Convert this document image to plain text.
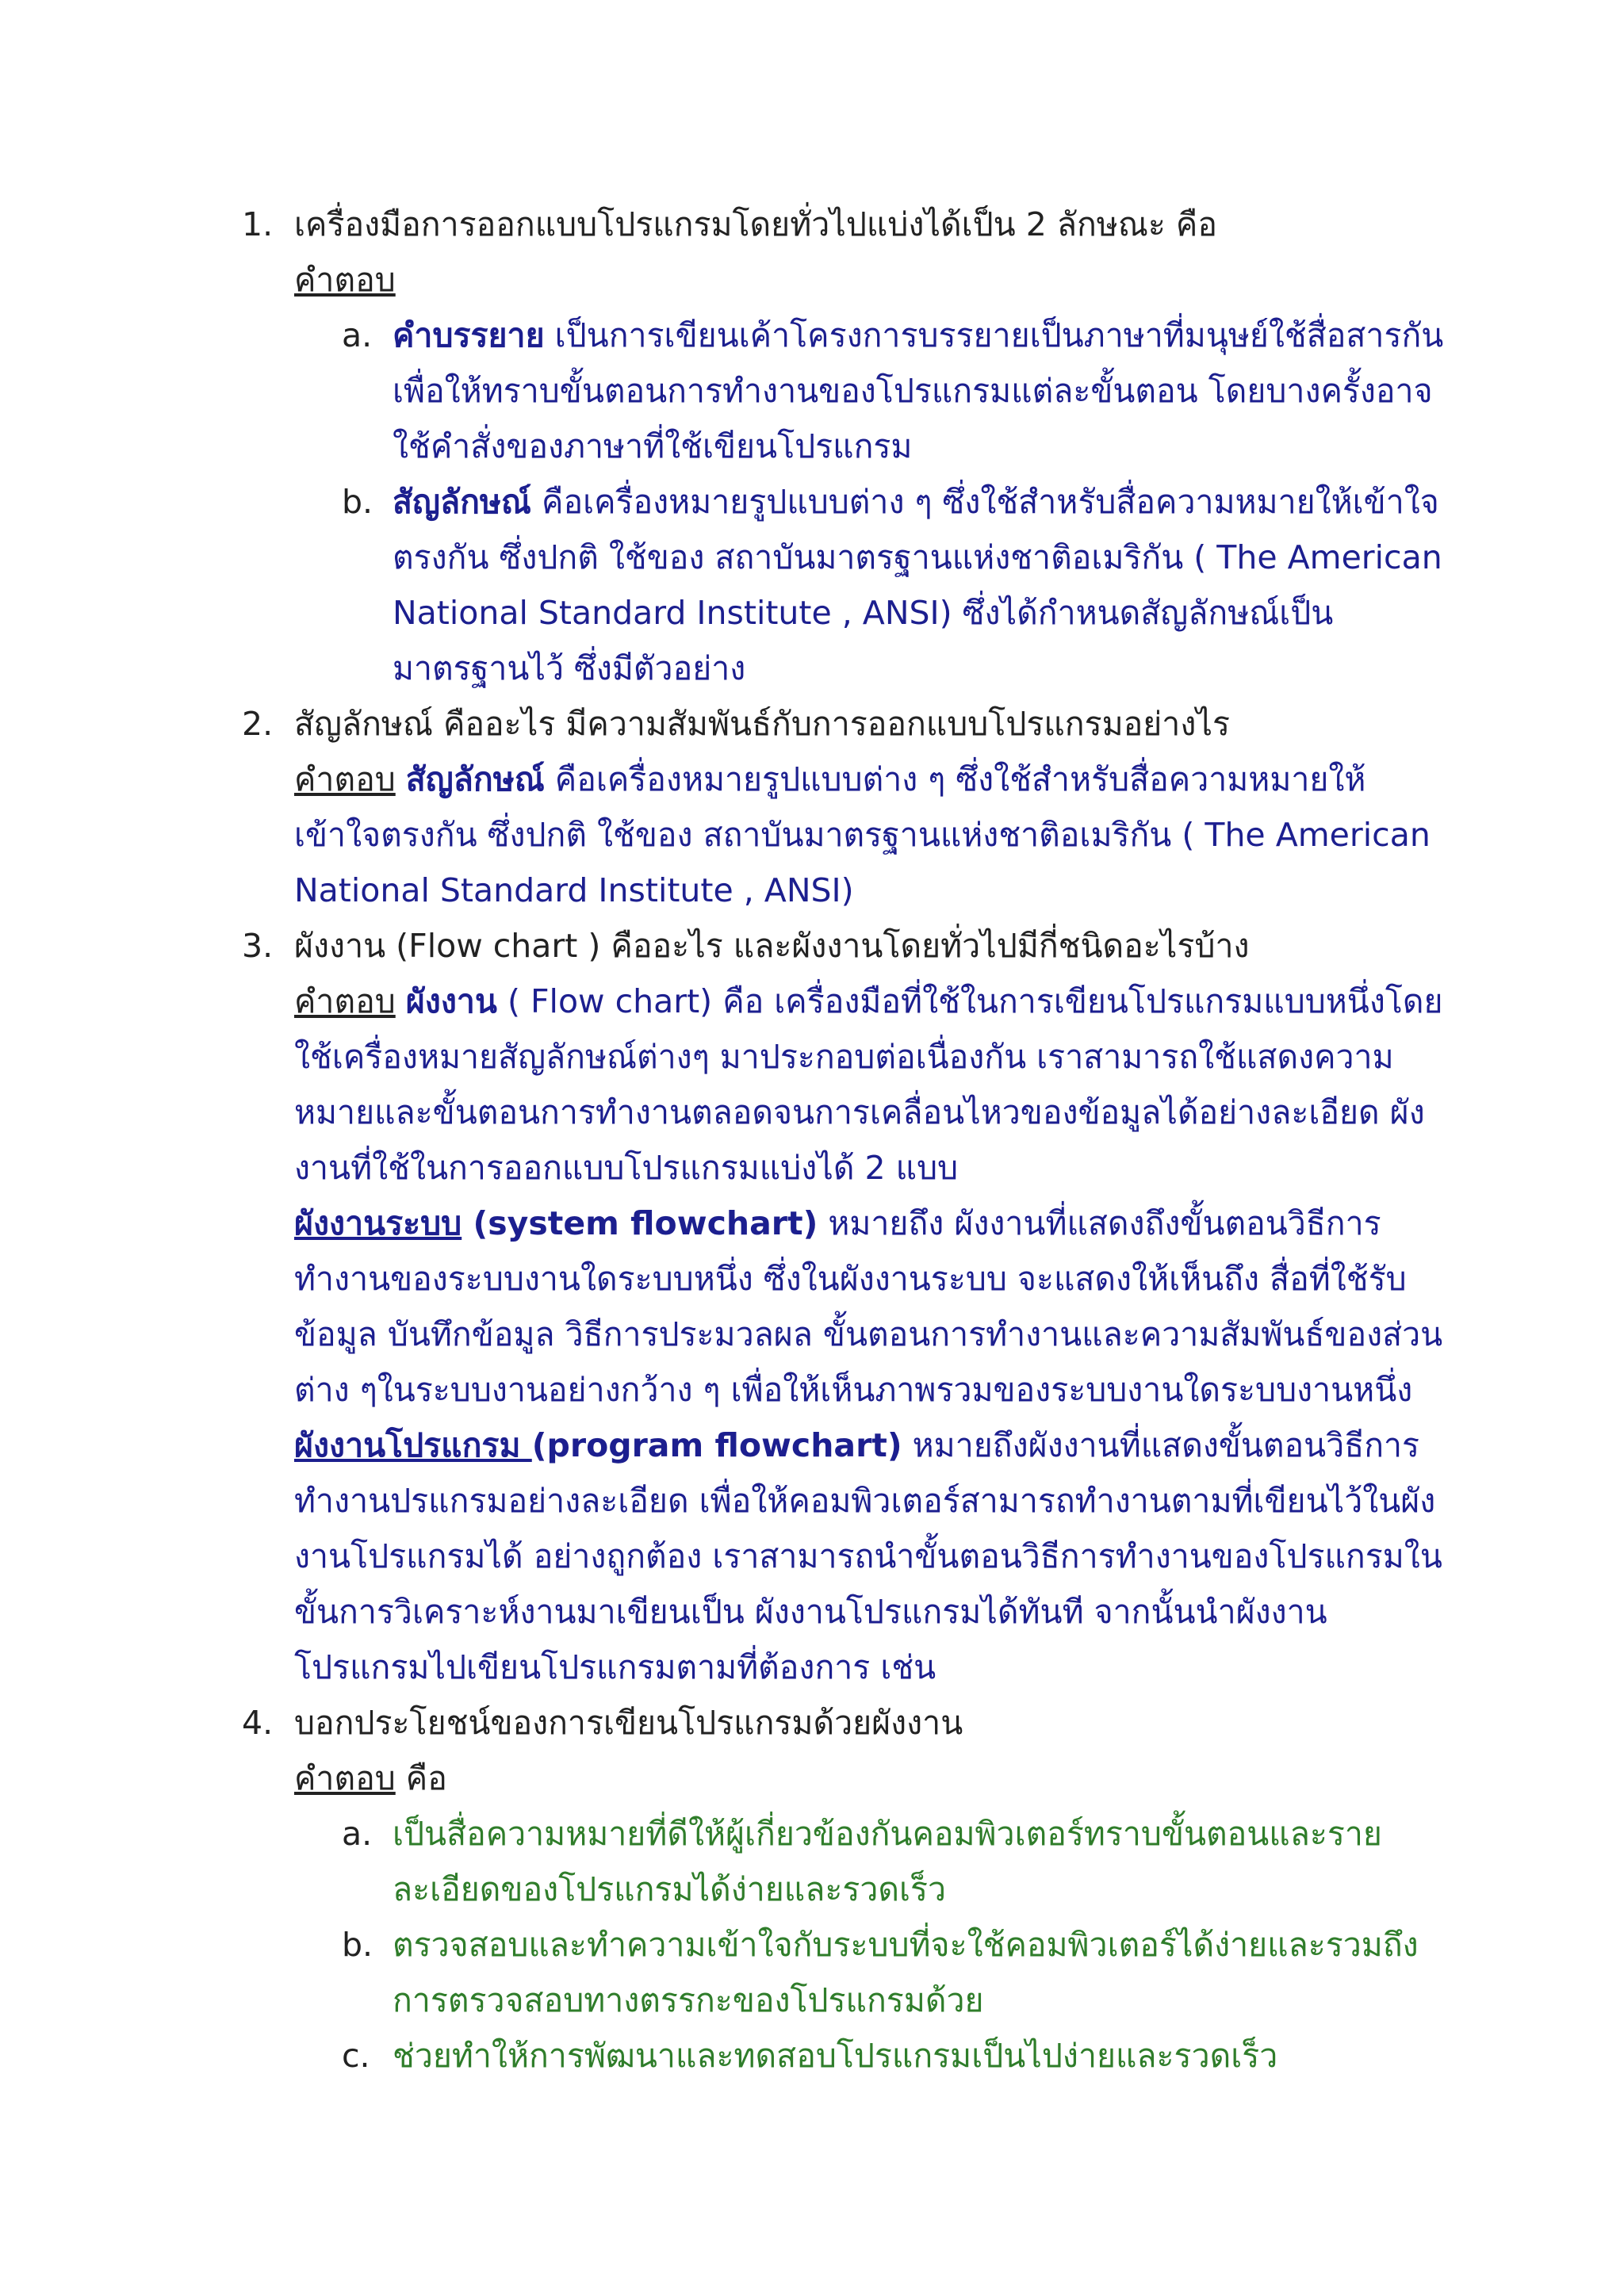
1. เครื่องมือการออกแบบโปรแกรมโดยทั่วไปแบ่งได้เป็น 2 ลักษณะ คือ
คำตอบ
a. คำบรรยาย เป็นการเขียนเค้าโครงการบรรยายเป็นภาษาที่มนุษย์ใช้สื่อสารกัน เพื่อให้ทราบขั้นตอนการทำงานของโปรแกรมแต่ละขั้นตอน โดยบางครั้งอาจใช้คำสั่งของภาษาที่ใช้เขียนโปรแกรม
b. สัญลักษณ์ คือเครื่องหมายรูปแบบต่าง ๆ ซึ่งใช้สำหรับสื่อความหมายให้เข้าใจตรงกัน ซึ่งปกติ ใช้ของ สถาบันมาตรฐานแห่งชาติอเมริกัน ( The American National Standard Institute , ANSI) ซึ่งได้กำหนดสัญลักษณ์เป็นมาตรฐานไว้ ซึ่งมีตัวอย่าง
2. สัญลักษณ์ คืออะไร มีความสัมพันธ์กับการออกแบบโปรแกรมอย่างไร
คำตอบ สัญลักษณ์ คือเครื่องหมายรูปแบบต่าง ๆ ซึ่งใช้สำหรับสื่อความหมายให้เข้าใจตรงกัน ซึ่งปกติ ใช้ของ สถาบันมาตรฐานแห่งชาติอเมริกัน ( The American National Standard Institute , ANSI)
3. ผังงาน (Flow chart ) คืออะไร และผังงานโดยทั่วไปมีกี่ชนิดอะไรบ้าง
คำตอบ ผังงาน ( Flow chart) คือ เครื่องมือที่ใช้ในการเขียนโปรแกรมแบบหนึ่งโดยใช้เครื่องหมายสัญลักษณ์ต่างๆ มาประกอบต่อเนื่องกัน เราสามารถใช้แสดงความหมายและขั้นตอนการทำงานตลอดจนการเคลื่อนไหวของข้อมูลได้อย่างละเอียด ผังงานที่ใช้ในการออกแบบโปรแกรมแบ่งได้ 2 แบบ
ผังงานระบบ (system flowchart) หมายถึง ผังงานที่แสดงถึงขั้นตอนวิธีการทำงานของระบบงานใดระบบหนึ่ง ซึ่งในผังงานระบบ จะแสดงให้เห็นถึง สื่อที่ใช้รับข้อมูล บันทึกข้อมูล วิธีการประมวลผล ขั้นตอนการทำงานและความสัมพันธ์ของส่วนต่าง ๆในระบบงานอย่างกว้าง ๆ เพื่อให้เห็นภาพรวมของระบบงานใดระบบงานหนึ่ง
ผังงานโปรแกรม (program flowchart) หมายถึงผังงานที่แสดงขั้นตอนวิธีการทำงานปรแกรมอย่างละเอียด เพื่อให้คอมพิวเตอร์สามารถทำงานตามที่เขียนไว้ในผังงานโปรแกรมได้ อย่างถูกต้อง เราสามารถนำขั้นตอนวิธีการทำงานของโปรแกรมในขั้นการวิเคราะห์งานมาเขียนเป็น ผังงานโปรแกรมได้ทันที จากนั้นนำผังงานโปรแกรมไปเขียนโปรแกรมตามที่ต้องการ เช่น
4. บอกประโยชน์ของการเขียนโปรแกรมด้วยผังงาน
คำตอบ คือ
a. เป็นสื่อความหมายที่ดีให้ผู้เกี่ยวข้องกันคอมพิวเตอร์ทราบขั้นตอนและรายละเอียดของโปรแกรมได้ง่ายและรวดเร็ว
b. ตรวจสอบและทำความเข้าใจกับระบบที่จะใช้คอมพิวเตอร์ได้ง่ายและรวมถึงการตรวจสอบทางตรรกะของโปรแกรมด้วย
c. ช่วยทำให้การพัฒนาและทดสอบโปรแกรมเป็นไปง่ายและรวดเร็ว
